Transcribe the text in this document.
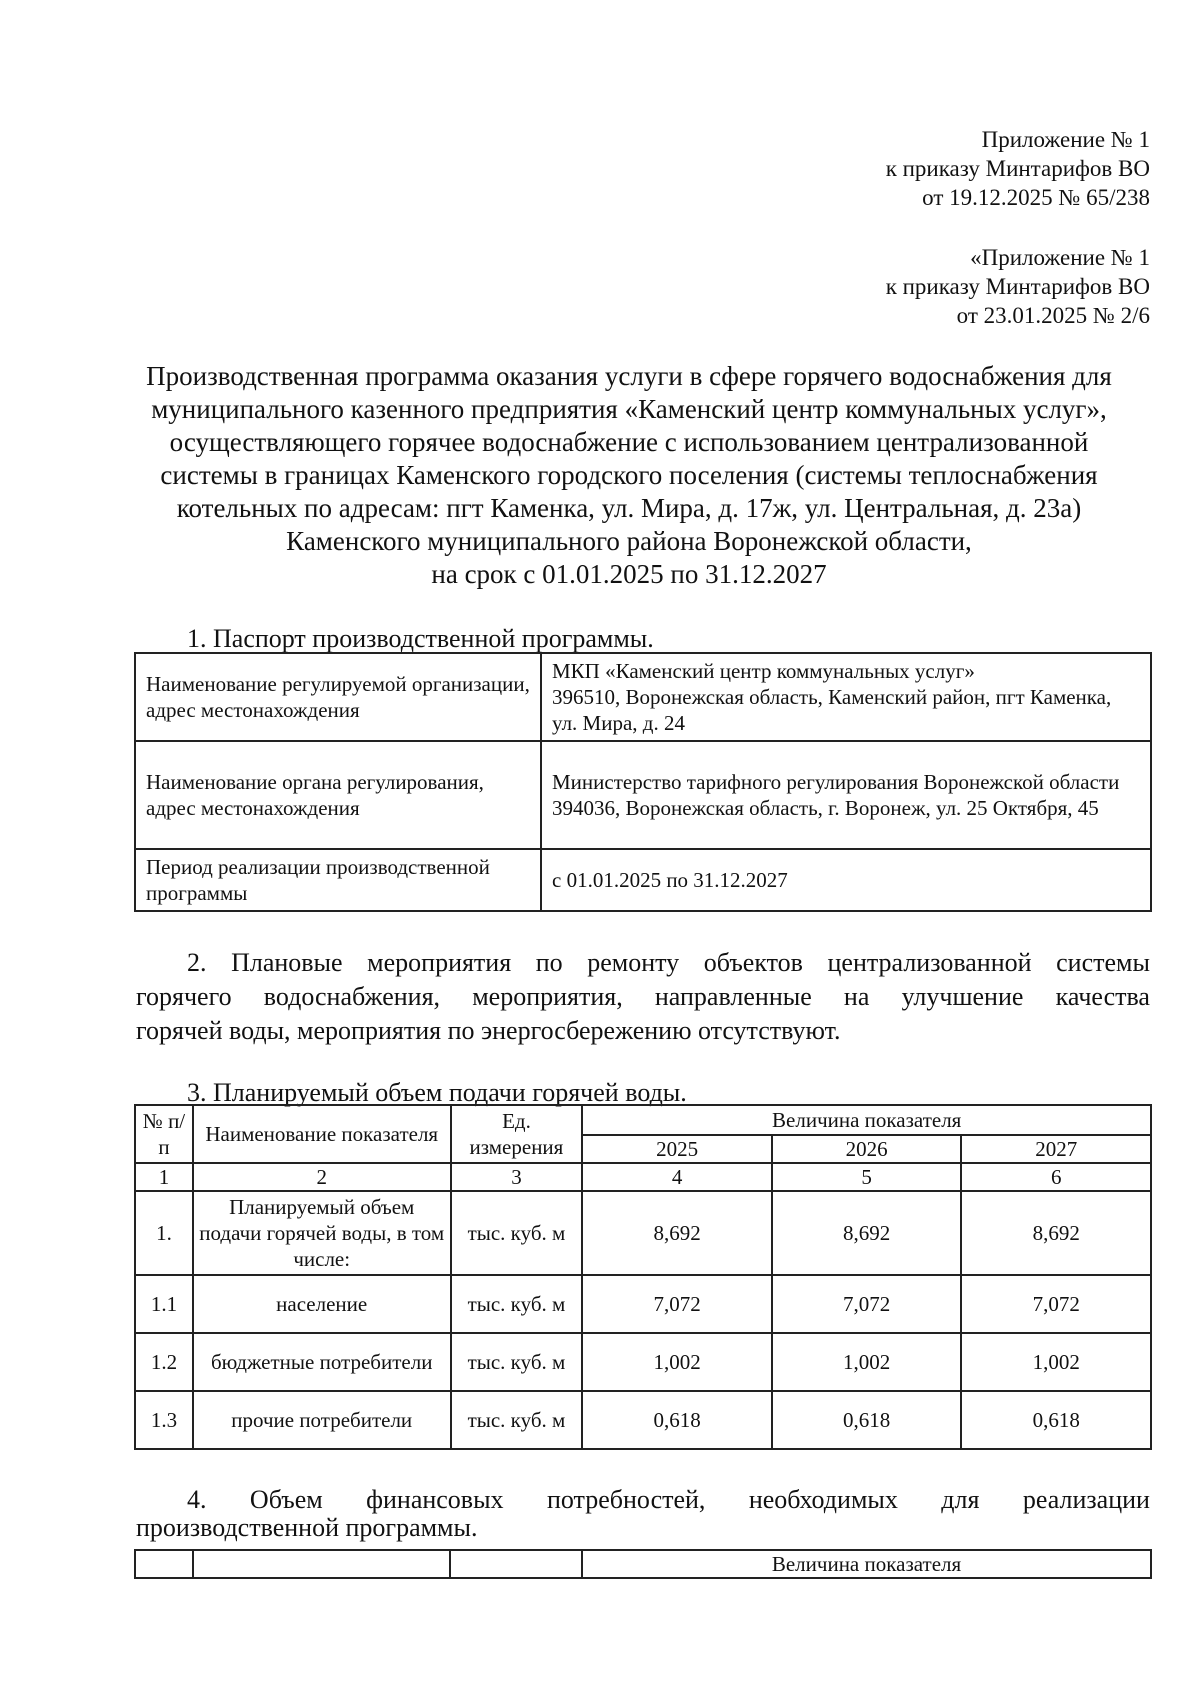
Приложение № 1
к приказу Минтарифов ВО
от 19.12.2025 № 65/238
«Приложение № 1
к приказу Минтарифов ВО
от 23.01.2025 № 2/6
Производственная программа оказания услуги в сфере горячего водоснабжения для
муниципального казенного предприятия «Каменский центр коммунальных услуг»,
осуществляющего горячее водоснабжение с использованием централизованной
системы в границах Каменского городского поселения (системы теплоснабжения
котельных по адресам: пгт Каменка, ул. Мира, д. 17ж, ул. Центральная, д. 23а)
Каменского муниципального района Воронежской области,
на срок с 01.01.2025 по 31.12.2027
1. Паспорт производственной программы.
Наименование регулируемой организации, адрес местонахождения	МКП «Каменский центр коммунальных услуг»
396510, Воронежская область, Каменский район, пгт Каменка, ул. Мира, д. 24

Наименование органа регулирования, адрес местонахождения	Министерство тарифного регулирования Воронежской области
394036, Воронежская область, г. Воронеж, ул. 25 Октября, 45

Период реализации производственной программы	с 01.01.2025 по 31.12.2027
2. Плановые мероприятия по ремонту объектов централизованной системы
горячего водоснабжения, мероприятия, направленные на улучшение качества
горячей воды, мероприятия по энергосбережению отсутствуют.
3. Планируемый объем подачи горячей воды.
№ п/п	Наименование показателя	Ед. измерения	Величина показателя		
			2025	2026	2027
1	2	3	4	5	6
1.	Планируемый объем подачи горячей воды, в том числе:	тыс. куб. м	8,692	8,692	8,692
1.1	население	тыс. куб. м	7,072	7,072	7,072
1.2	бюджетные потребители	тыс. куб. м	1,002	1,002	1,002
1.3	прочие потребители	тыс. куб. м	0,618	0,618	0,618
4. Объем финансовых потребностей, необходимых для реализации
производственной программы.
			Величина показателя
